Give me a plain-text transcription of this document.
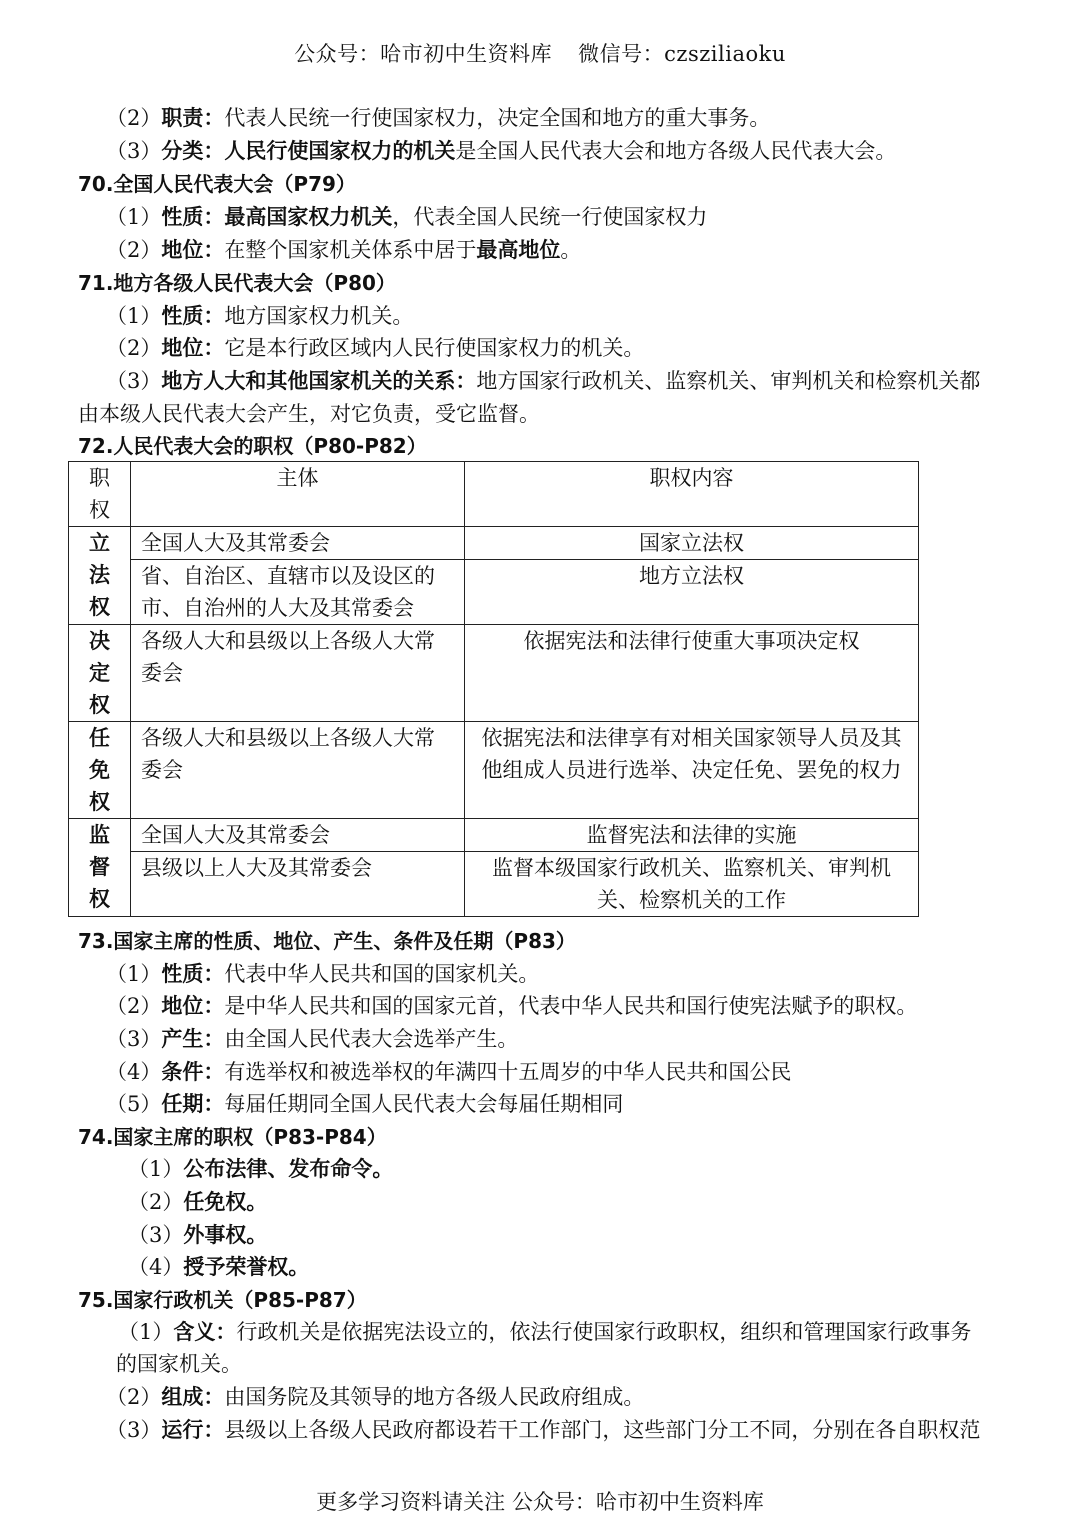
公众号：哈市初中生资料库 微信号：czsziliaoku
（2）职责：代表人民统一行使国家权力，决定全国和地方的重大事务。
（3）分类：人民行使国家权力的机关是全国人民代表大会和地方各级人民代表大会。
70.全国人民代表大会（P79）
（1）性质：最高国家权力机关，代表全国人民统一行使国家权力
（2）地位：在整个国家机关体系中居于最高地位。
71.地方各级人民代表大会（P80）
（1）性质：地方国家权力机关。
（2）地位：它是本行政区域内人民行使国家权力的机关。
（3）地方人大和其他国家机关的关系：地方国家行政机关、监察机关、审判机关和检察机关都
由本级人民代表大会产生，对它负责，受它监督。
72.人民代表大会的职权（P80-P82）
职
权	主体	职权内容

立
法
权	全国人大及其常委会	国家立法权
	省、自治区、直辖市以及设区的市、自治州的人大及其常委会	地方立法权

决
定
权	各级人大和县级以上各级人大常委会	依据宪法和法律行使重大事项决定权

任
免
权	各级人大和县级以上各级人大常委会	依据宪法和法律享有对相关国家领导人员及其他组成人员进行选举、决定任免、罢免的权力

监
督
权	全国人大及其常委会	监督宪法和法律的实施
	县级以上人大及其常委会	监督本级国家行政机关、监察机关、审判机关、检察机关的工作
73.国家主席的性质、地位、产生、条件及任期（P83）
（1）性质：代表中华人民共和国的国家机关。
（2）地位：是中华人民共和国的国家元首，代表中华人民共和国行使宪法赋予的职权。
（3）产生：由全国人民代表大会选举产生。
（4）条件：有选举权和被选举权的年满四十五周岁的中华人民共和国公民
（5）任期：每届任期同全国人民代表大会每届任期相同
74.国家主席的职权（P83-P84）
（1）公布法律、发布命令。
（2）任免权。
（3）外事权。
（4）授予荣誉权。
75.国家行政机关（P85-P87）
（1）含义：行政机关是依据宪法设立的，依法行使国家行政职权，组织和管理国家行政事务
的国家机关。
（2）组成：由国务院及其领导的地方各级人民政府组成。
（3）运行：县级以上各级人民政府都设若干工作部门，这些部门分工不同，分别在各自职权范
更多学习资料请关注 公众号：哈市初中生资料库
